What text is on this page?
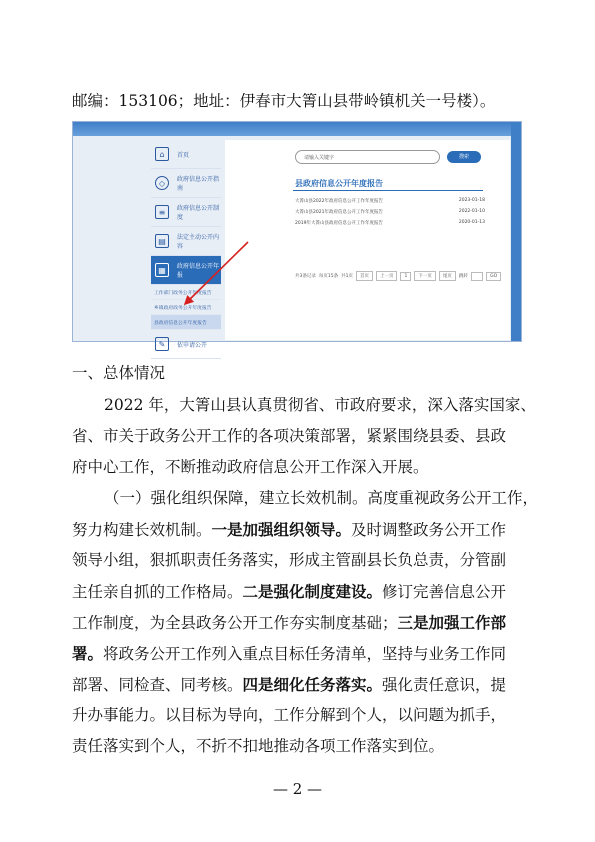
邮编：153106；地址：伊春市大箐山县带岭镇机关一号楼）。
⌂	首页
◇	政府信息公开指南
≡	政府信息公开制度
▤	法定主动公开内容
▦	政府信息公开年报
工作部门政务公开年度报告
乡镇政府政务公开年度报告
县政府信息公开年度报告
✎	依申请公开
请输入关键字	搜索
县政府信息公开年度报告
大箐山县2022年政府信息公开工作年度报告	2023-01-18
大箐山县2021年政府信息公开工作年度报告	2022-01-10
2019年大箐山县政府信息公开工作年度报告	2020-01-13
共3条记录 每页15条 共1页	首页	上一页	1	下一页	尾页	跳转
	GO
一、总体情况
2022 年，大箐山县认真贯彻省、市政府要求，深入落实国家、
省、市关于政务公开工作的各项决策部署，紧紧围绕县委、县政
府中心工作，不断推动政府信息公开工作深入开展。
（一）强化组织保障，建立长效机制。高度重视政务公开工作，
努力构建长效机制。一是加强组织领导。及时调整政务公开工作
领导小组，狠抓职责任务落实，形成主管副县长负总责，分管副
主任亲自抓的工作格局。二是强化制度建设。修订完善信息公开
工作制度，为全县政务公开工作夯实制度基础；三是加强工作部
署。将政务公开工作列入重点目标任务清单，坚持与业务工作同
部署、同检查、同考核。四是细化任务落实。强化责任意识，提
升办事能力。以目标为导向，工作分解到个人，以问题为抓手，
责任落实到个人，不折不扣地推动各项工作落实到位。
— 2 —
